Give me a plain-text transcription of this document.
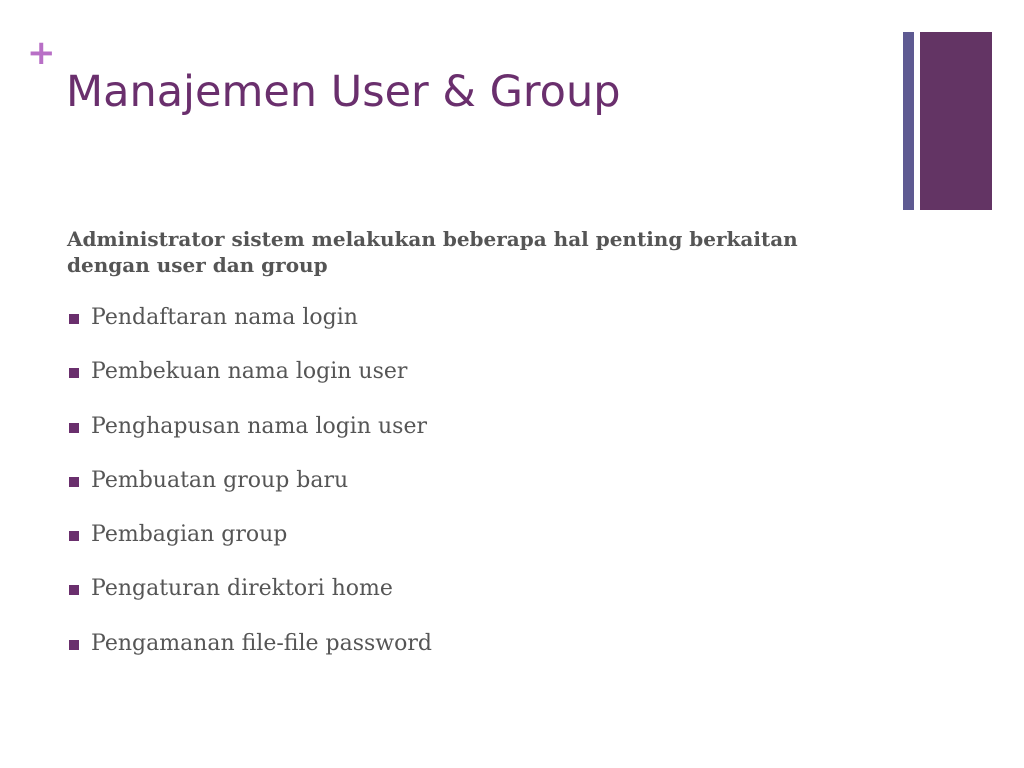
+
Manajemen User & Group

Administrator sistem melakukan beberapa hal penting berkaitan dengan user dan group

Pendaftaran nama login
Pembekuan nama login user
Penghapusan nama login user
Pembuatan group baru
Pembagian group
Pengaturan direktori home
Pengamanan file-file password
